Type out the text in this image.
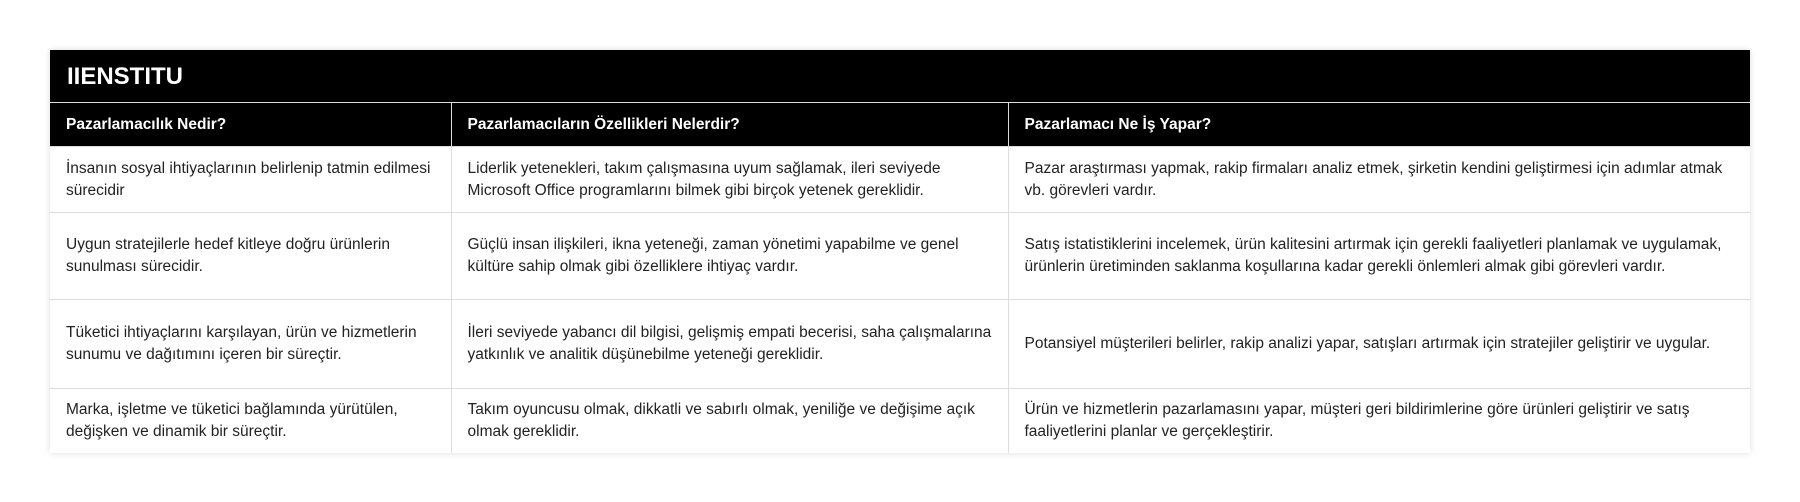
IIENSTITU
Pazarlamacılık Nedir?	Pazarlamacıların Özellikleri Nelerdir?	Pazarlamacı Ne İş Yapar?
İnsanın sosyal ihtiyaçlarının belirlenip tatmin edilmesi sürecidir	Liderlik yetenekleri, takım çalışmasına uyum sağlamak, ileri seviyede Microsoft Office programlarını bilmek gibi birçok yetenek gereklidir.	Pazar araştırması yapmak, rakip firmaları analiz etmek, şirketin kendini geliştirmesi için adımlar atmak vb. görevleri vardır.
Uygun stratejilerle hedef kitleye doğru ürünlerin sunulması sürecidir.	Güçlü insan ilişkileri, ikna yeteneği, zaman yönetimi yapabilme ve genel kültüre sahip olmak gibi özelliklere ihtiyaç vardır.	Satış istatistiklerini incelemek, ürün kalitesini artırmak için gerekli faaliyetleri planlamak ve uygulamak, ürünlerin üretiminden saklanma koşullarına kadar gerekli önlemleri almak gibi görevleri vardır.
Tüketici ihtiyaçlarını karşılayan, ürün ve hizmetlerin sunumu ve dağıtımını içeren bir süreçtir.	İleri seviyede yabancı dil bilgisi, gelişmiş empati becerisi, saha çalışmalarına yatkınlık ve analitik düşünebilme yeteneği gereklidir.	Potansiyel müşterileri belirler, rakip analizi yapar, satışları artırmak için stratejiler geliştirir ve uygular.
Marka, işletme ve tüketici bağlamında yürütülen, değişken ve dinamik bir süreçtir.	Takım oyuncusu olmak, dikkatli ve sabırlı olmak, yeniliğe ve değişime açık olmak gereklidir.	Ürün ve hizmetlerin pazarlamasını yapar, müşteri geri bildirimlerine göre ürünleri geliştirir ve satış faaliyetlerini planlar ve gerçekleştirir.
